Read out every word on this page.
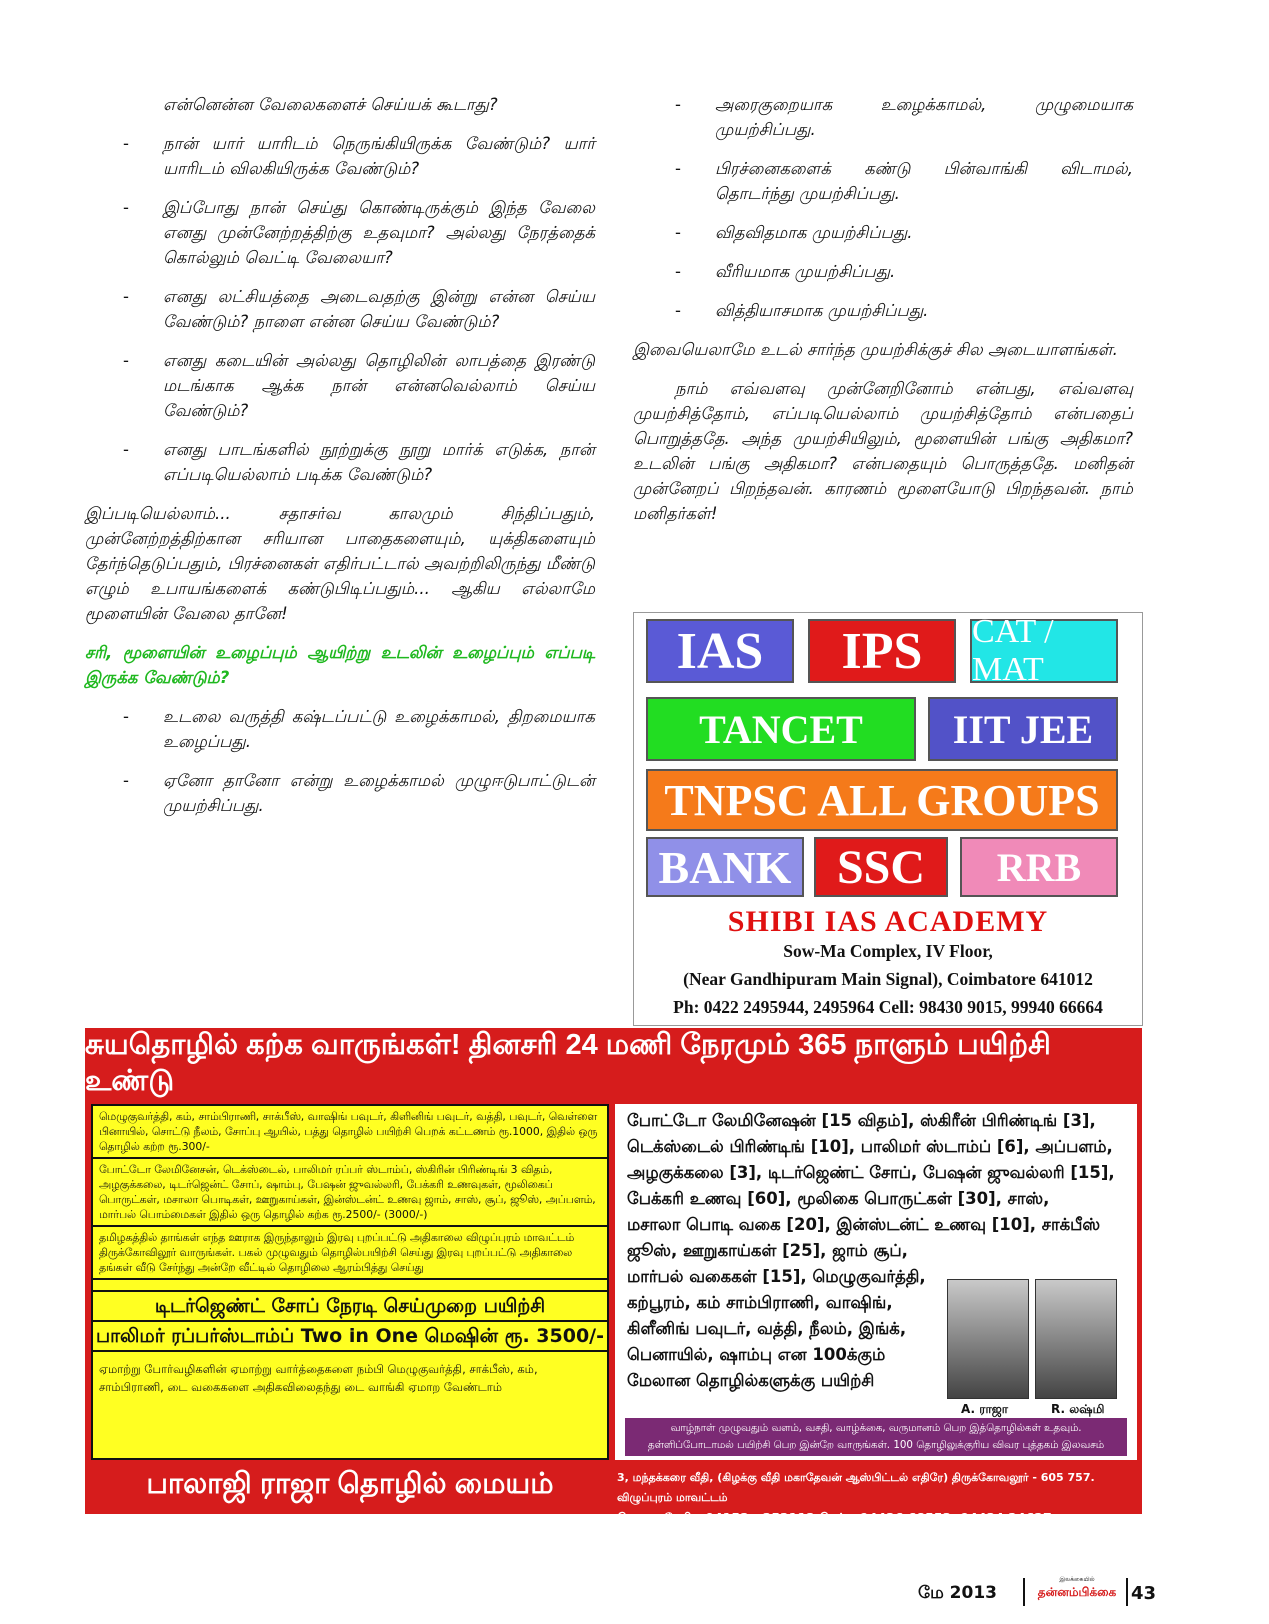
என்னென்ன வேலைகளைச் செய்யக் கூடாது?
-	நான் யார் யாரிடம் நெருங்கியிருக்க வேண்டும்? யார் யாரிடம் விலகியிருக்க வேண்டும்?
-	இப்போது நான் செய்து கொண்டிருக்கும் இந்த வேலை எனது முன்னேற்றத்திற்கு உதவுமா? அல்லது நேரத்தைக் கொல்லும் வெட்டி வேலையா?
-	எனது லட்சியத்தை அடைவதற்கு இன்று என்ன செய்ய வேண்டும்? நாளை என்ன செய்ய வேண்டும்?
-	எனது கடையின் அல்லது தொழிலின் லாபத்தை இரண்டு மடங்காக ஆக்க நான் என்னவெல்லாம் செய்ய வேண்டும்?
-	எனது பாடங்களில் நூற்றுக்கு நூறு மார்க் எடுக்க, நான் எப்படியெல்லாம் படிக்க வேண்டும்?

இப்படியெல்லாம்... சதாசர்வ காலமும் சிந்திப்பதும், முன்னேற்றத்திற்கான சரியான பாதைகளையும், யுக்திகளையும் தேர்ந்தெடுப்பதும், பிரச்னைகள் எதிர்பட்டால் அவற்றிலிருந்து மீண்டு எழும் உபாயங்களைக் கண்டுபிடிப்பதும்... ஆகிய எல்லாமே மூளையின் வேலை தானே!

சரி, மூளையின் உழைப்பும் ஆயிற்று உடலின் உழைப்பும் எப்படி இருக்க வேண்டும்?

-	உடலை வருத்தி கஷ்டப்பட்டு உழைக்காமல், திறமையாக உழைப்பது.
-	ஏனோ தானோ என்று உழைக்காமல் முழுஈடுபாட்டுடன் முயற்சிப்பது.
-	அரைகுறையாக உழைக்காமல், முழுமையாக முயற்சிப்பது.
-	பிரச்னைகளைக் கண்டு பின்வாங்கி விடாமல், தொடர்ந்து முயற்சிப்பது.
-	விதவிதமாக முயற்சிப்பது.
-	வீரியமாக முயற்சிப்பது.
-	வித்தியாசமாக முயற்சிப்பது.

இவையெலாமே உடல் சார்ந்த முயற்சிக்குச் சில அடையாளங்கள்.

நாம் எவ்வளவு முன்னேறினோம் என்பது, எவ்வளவு முயற்சித்தோம், எப்படியெல்லாம் முயற்சித்தோம் என்பதைப் பொறுத்ததே. அந்த முயற்சியிலும், மூளையின் பங்கு அதிகமா? உடலின் பங்கு அதிகமா? என்பதையும் பொருத்ததே. மனிதன் முன்னேறப் பிறந்தவன். காரணம் மூளையோடு பிறந்தவன். நாம் மனிதர்கள்!

IAS	IPS	CAT / MAT
TANCET	IIT JEE
TNPSC ALL GROUPS
BANK SSC	RRB
SHIBI IAS ACADEMY
Sow-Ma Complex, IV Floor,
(Near Gandhipuram Main Signal), Coimbatore 641012
Ph: 0422 2495944, 2495964 Cell: 98430 9015, 99940 66664
சுயதொழில் கற்க வாருங்கள்! தினசரி 24 மணி நேரமும் 365 நாளும் பயிற்சி உண்டு
மெழுகுவர்த்தி, கம், சாம்பிராணி, சாக்பீஸ், வாஷிங் பவுடர், கிளினிங் பவுடர், வத்தி, பவுடர், வெள்ளை பினாயில், சொட்டு நீலம், சோப்பு ஆயில், பத்து தொழில் பயிற்சி பெறக் கட்டணம் ரூ.1000, இதில் ஒரு தொழில் கற்ற ரூ.300/-
போட்டோ லேமினேசன், டெக்ஸ்டைல், பாலிமர் ரப்பர் ஸ்டாம்ப், ஸ்கிரின் பிரிண்டிங் 3 விதம், அழகுக்கலை, டிடர்ஜென்ட் சோப், ஷாம்பு, பேஷன் ஜுவல்லரி, பேக்கரி உணவுகள், மூலிகைப் பொருட்கள், மசாலா பொடிகள், ஊறுகாய்கள், இன்ஸ்டன்ட் உணவு ஜாம், சாஸ், சூப், ஜூஸ், அப்பளம், மார்பல் பொம்மைகள் இதில் ஒரு தொழில் கற்க ரூ.2500/- (3000/-)
தமிழகத்தில் தாங்கள் எந்த ஊராக இருந்தாலும் இரவு புறப்பட்டு அதிகாலை விழுப்புரம் மாவட்டம் திருக்கோவிலூர் வாருங்கள். பகல் முழுவதும் தொழில்பயிற்சி செய்து இரவு புறப்பட்டு அதிகாலை தங்கள் வீடு சேர்ந்து அன்றே வீட்டில் தொழிலை ஆரம்பித்து செய்து
டிடர்ஜெண்ட் சோப் நேரடி செய்முறை பயிற்சி
பாலிமர் ரப்பர்ஸ்டாம்ப் Two in One மெஷின் ரூ. 3500/-
ஏமாற்று போர்வழிகளின் ஏமாற்று வார்த்தைகளை நம்பி மெழுகுவர்த்தி, சாக்பீஸ், கம், சாம்பிராணி, டை வகைகளை அதிகவிலைதந்து டை வாங்கி ஏமாற வேண்டாம்
போட்டோ லேமினேஷன் [15 விதம்], ஸ்கிரீன் பிரிண்டிங் [3],
டெக்ஸ்டைல் பிரிண்டிங் [10], பாலிமர் ஸ்டாம்ப் [6], அப்பளம்,
அழகுக்கலை [3], டிடர்ஜெண்ட் சோப், பேஷன் ஜுவல்லரி [15],
பேக்கரி உணவு [60], மூலிகை பொருட்கள் [30], சாஸ்,
மசாலா பொடி வகை [20], இன்ஸ்டன்ட் உணவு [10], சாக்பீஸ்
ஜூஸ், ஊறுகாய்கள் [25], ஜாம் சூப்,
மார்பல் வகைகள் [15], மெழுகுவர்த்தி,
கற்பூரம், கம் சாம்பிராணி, வாஷிங்,
கிளீனிங் பவுடர், வத்தி, நீலம், இங்க்,
பெனாயில், ஷாம்பு என 100க்கும்
மேலான தொழில்களுக்கு பயிற்சி
A. ராஜா	R. லஷ்மி
வாழ்நாள் முழுவதும் வளம், வசதி, வாழ்க்கை, வருமானம் பெற இத்தொழில்கள் உதவும்.
தள்ளிப்போடாமல் பயிற்சி பெற இன்றே வாருங்கள். 100 தொழிலுக்குரிய விவர புத்தகம் இலவசம்
பாலாஜி ராஜா தொழில் மையம்	3, மந்தக்கரை வீதி, (கிழக்கு வீதி மகாதேவன் ஆஸ்பிட்டல் எதிரே) திருக்கோவலூர் - 605 757. விழுப்புரம் மாவட்டம்
தொலைபேசி : 04153 - 252113 செல் : 94436 68553, 94424 24627
மே 2013
இலக்கையில்
தன்னம்பிக்கை 43
